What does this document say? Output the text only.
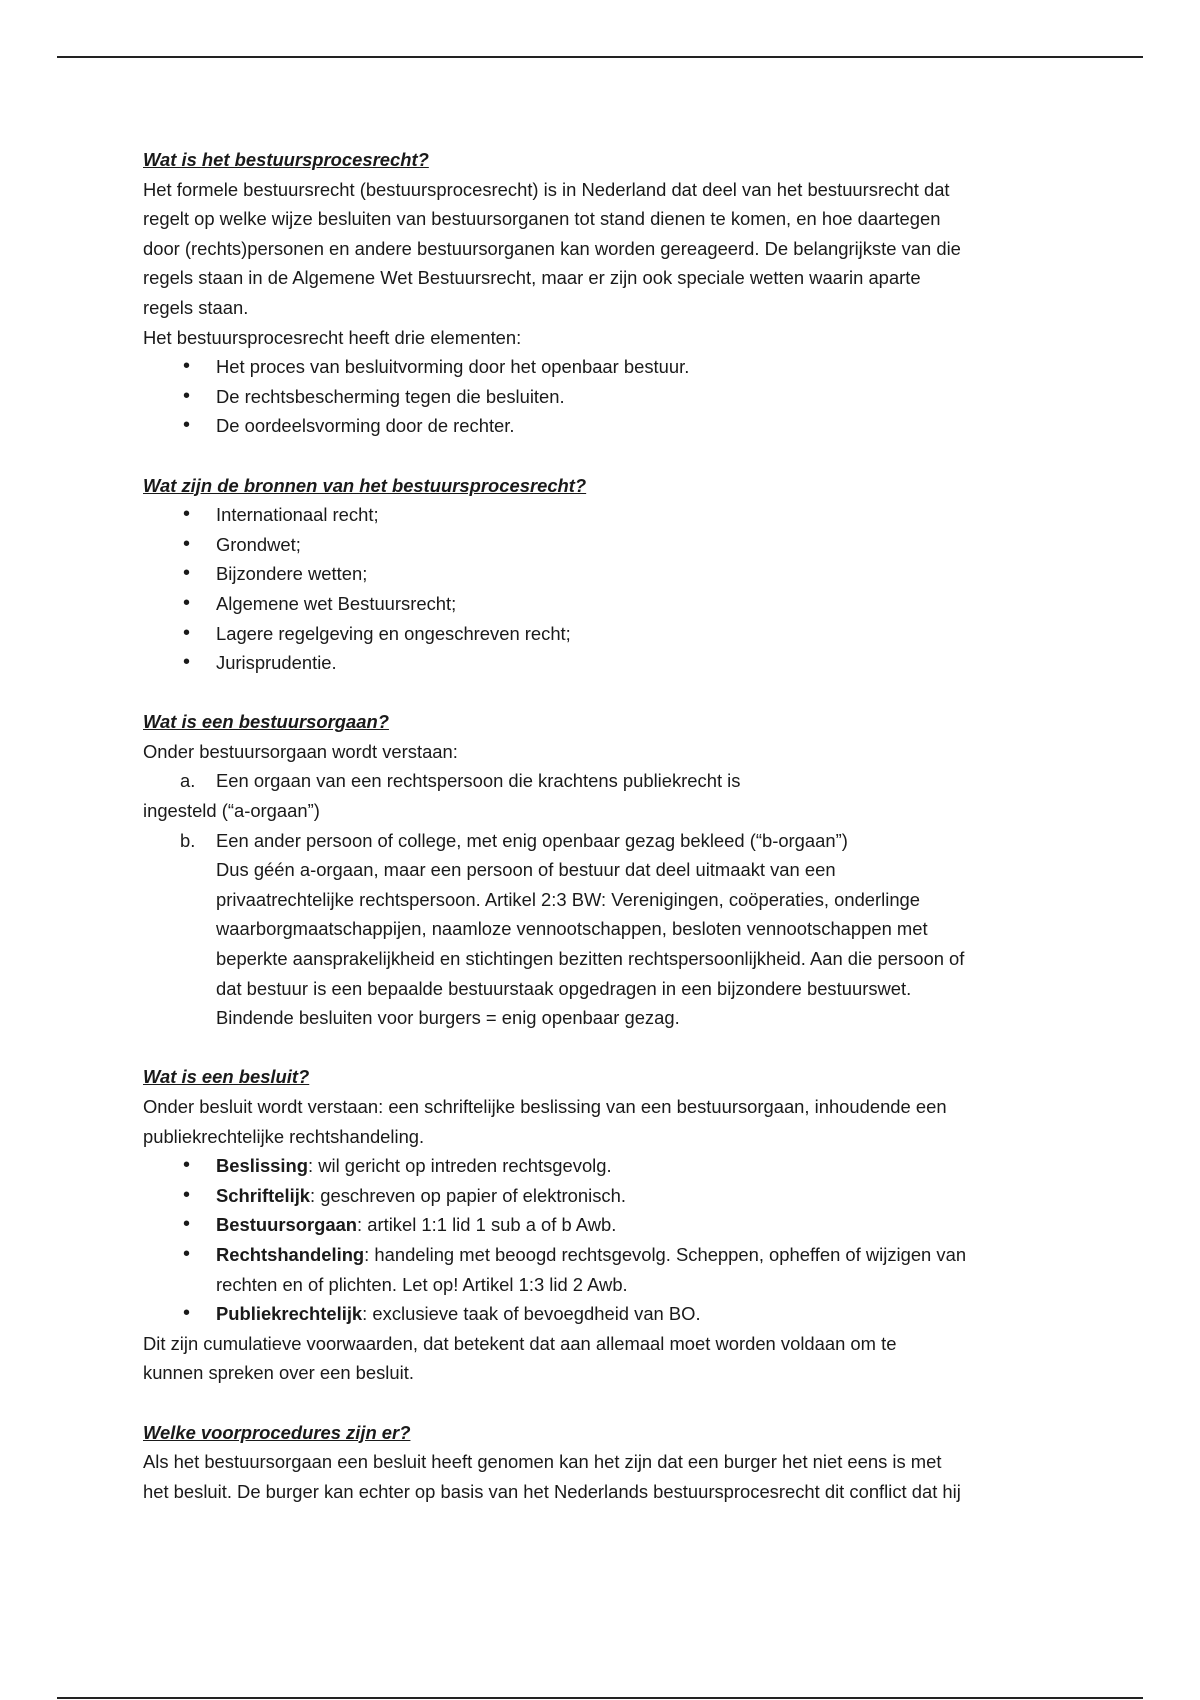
Wat is het bestuursprocesrecht?

Het formele bestuursrecht (bestuursprocesrecht) is in Nederland dat deel van het bestuursrecht dat

regelt op welke wijze besluiten van bestuursorganen tot stand dienen te komen, en hoe daartegen

door (rechts)personen en andere bestuursorganen kan worden gereageerd. De belangrijkste van die

regels staan in de Algemene Wet Bestuursrecht, maar er zijn ook speciale wetten waarin aparte

regels staan.

Het bestuursprocesrecht heeft drie elementen:

• Het proces van besluitvorming door het openbaar bestuur.
• De rechtsbescherming tegen die besluiten.
• De oordeelsvorming door de rechter.

Wat zijn de bronnen van het bestuursprocesrecht?

• Internationaal recht;
• Grondwet;
• Bijzondere wetten;
• Algemene wet Bestuursrecht;
• Lagere regelgeving en ongeschreven recht;
• Jurisprudentie.

Wat is een bestuursorgaan?

Onder bestuursorgaan wordt verstaan:

a. Een orgaan van een rechtspersoon die krachtens publiekrecht is

ingesteld (“a-orgaan”)

b. Een ander persoon of college, met enig openbaar gezag bekleed (“b-orgaan”)

Dus géén a-orgaan, maar een persoon of bestuur dat deel uitmaakt van een

privaatrechtelijke rechtspersoon. Artikel 2:3 BW: Verenigingen, coöperaties, onderlinge

waarborgmaatschappijen, naamloze vennootschappen, besloten vennootschappen met

beperkte aansprakelijkheid en stichtingen bezitten rechtspersoonlijkheid. Aan die persoon of

dat bestuur is een bepaalde bestuurstaak opgedragen in een bijzondere bestuurswet.

Bindende besluiten voor burgers = enig openbaar gezag.

Wat is een besluit?

Onder besluit wordt verstaan: een schriftelijke beslissing van een bestuursorgaan, inhoudende een

publiekrechtelijke rechtshandeling.

• Beslissing: wil gericht op intreden rechtsgevolg.
• Schriftelijk: geschreven op papier of elektronisch.
• Bestuursorgaan: artikel 1:1 lid 1 sub a of b Awb.
• Rechtshandeling: handeling met beoogd rechtsgevolg. Scheppen, opheffen of wijzigen van
rechten en of plichten. Let op! Artikel 1:3 lid 2 Awb.
• Publiekrechtelijk: exclusieve taak of bevoegdheid van BO.

Dit zijn cumulatieve voorwaarden, dat betekent dat aan allemaal moet worden voldaan om te

kunnen spreken over een besluit.

Welke voorprocedures zijn er?

Als het bestuursorgaan een besluit heeft genomen kan het zijn dat een burger het niet eens is met

het besluit. De burger kan echter op basis van het Nederlands bestuursprocesrecht dit conflict dat hij
